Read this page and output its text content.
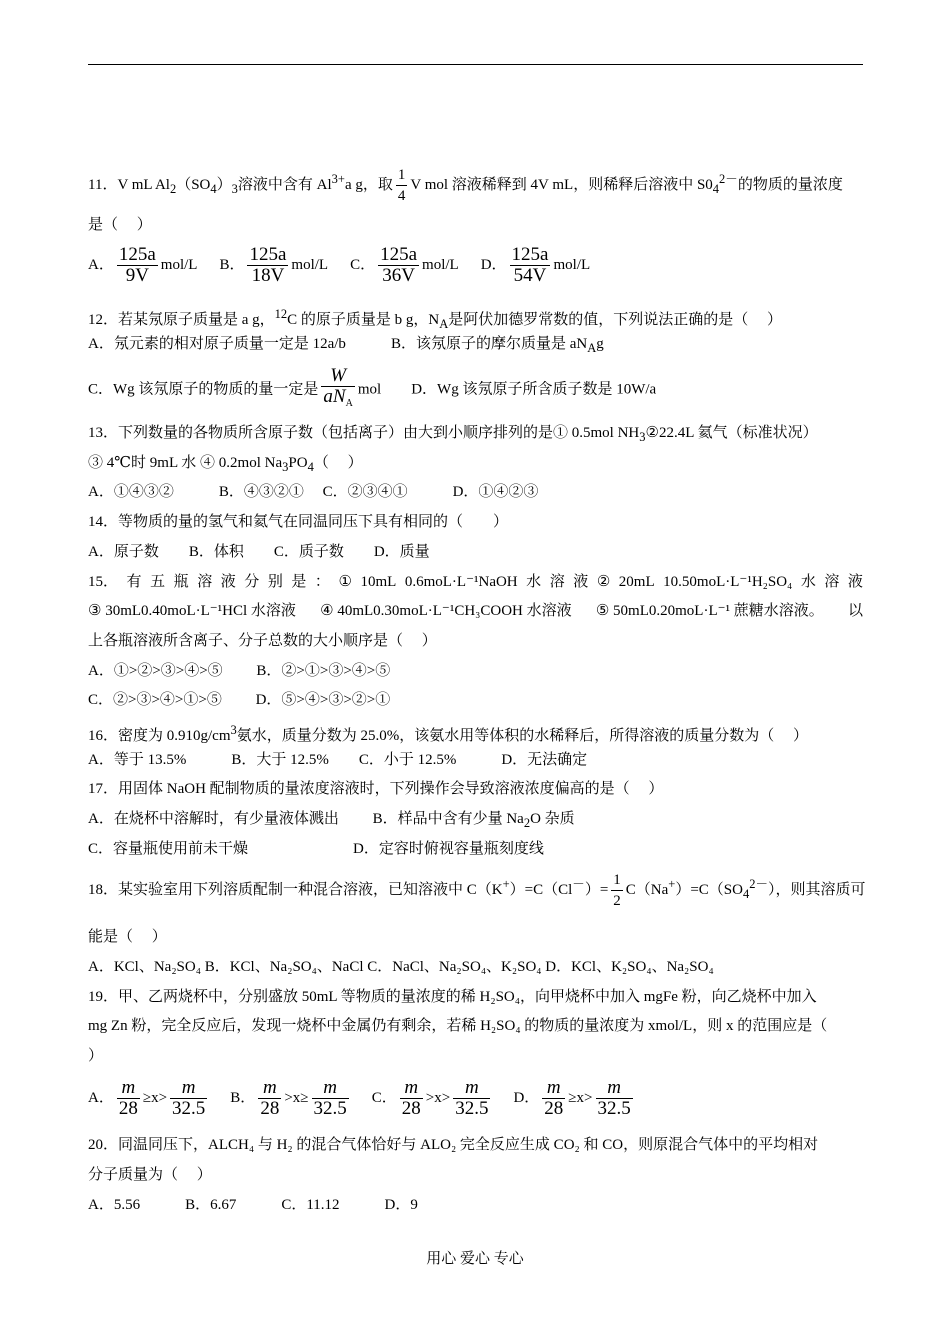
11．V mL $Al_2(SO_4)_3$溶液中含有 $Al^{3+}a$ g，取 $\frac{1}{4}$ V mol 溶液稀释到 4V mL，则稀释后溶液中 $S0_4^{2-}$的物质的量浓度
是（　 ）
A． $\frac{125a}{9V} mol/L$ B． $\frac{125a}{18V} mol/L$ C． $\frac{125a}{36V} mol/L$ D． $\frac{125a}{54V} mol/L$
12．若某氖原子质量是 a g，$^{12}$C 的原子质量是 b g，$N_A$是阿伏加德罗常数的值，下列说法正确的是（　 ）
A．氖元素的相对原子质量一定是 12a/b　　　	B．该氖原子的摩尔质量是 $aN_Ag$
C．Wg 该氖原子的物质的量一定是 $\frac{W}{aN_A}$ mol　　 D．Wg 该氖原子所含质子数是 10W/a
13．下列数量的各物质所含原子数（包括离子）由大到小顺序排列的是① 0.5mol $NH_3②22.4L$ 氦气（标准状况）
③ 4℃时 9mL 水 ④ 0.2mol $Na_3PO_4$（　 ）
A．①④③②　　　B．④③②①　 C．②③④①　　　D．①④②③
14．等物质的量的氢气和氦气在同温同压下具有相同的（　　）
A．原子数　　B．体积　　C．质子数　　D．质量
15． 有 五 瓶 溶 液 分 别 是 ： ① 10mL 0.6moL·L⁻¹NaOH 水 溶 液 ② 20mL 10.50moL·L⁻¹H₂SO₄ 水 溶 液
③ 30mL0.40moL·L⁻¹HCl 水溶液 ④ 40mL0.30moL·L⁻¹CH₃COOH 水溶液 ⑤ 50mL0.20moL·L⁻¹ 蔗糖水溶液。 以
上各瓶溶液所含离子、分子总数的大小顺序是（　 ）
A．①>②>③>④>⑤　　 B．②>①>③>④>⑤
C．②>③>④>①>⑤　　 D．⑤>④>③>②>①
16．密度为 $0.910g/cm^3$氨水，质量分数为 25.0%，该氨水用等体积的水稀释后，所得溶液的质量分数为（　 ）
A．等于 13.5%　　　B．大于 12.5%　　C．小于 12.5%　　　D．无法确定
17．用固体 NaOH 配制物质的量浓度溶液时，下列操作会导致溶液浓度偏高的是（　 ）
A．在烧杯中溶解时，有少量液体溅出　　 B．样品中含有少量 $Na_2O$ 杂质
C．容量瓶使用前未干燥　　　　　　　D．定容时俯视容量瓶刻度线
18．某实验室用下列溶质配制一种混合溶液，已知溶液中 $C(K^+)=C(Cl^-)= \frac{1}{2} C(Na^+)=C(SO_4^{2-})$，则其溶质可
能是（　 ）
A．KCl、Na₂SO₄ B．KCl、Na₂SO₄、NaCl C．NaCl、Na₂SO₄、K₂SO₄ D．KCl、K₂SO₄、Na₂SO₄
19．甲、乙两烧杯中，分别盛放 50mL 等物质的量浓度的稀 H₂SO₄，向甲烧杯中加入 mgFe 粉，向乙烧杯中加入
mg Zn 粉，完全反应后，发现一烧杯中金属仍有剩余，若稀 H₂SO₄ 的物质的量浓度为 xmol/L，则 x 的范围应是（
）
A． $\frac{m}{28} \ge x> \frac{m}{32.5}$ B． $\frac{m}{28} >x\ge \frac{m}{32.5}$ C． $\frac{m}{28} >x> \frac{m}{32.5}$ D． $\frac{m}{28} \ge x> \frac{m}{32.5}$
20．同温同压下，ALCH₄ 与 H₂ 的混合气体恰好与 ALO₂ 完全反应生成 CO₂ 和 CO，则原混合气体中的平均相对
分子质量为（　 ）
A．5.56　　　B．6.67　　　C．11.12　　　D．9
用心 爱心 专心
